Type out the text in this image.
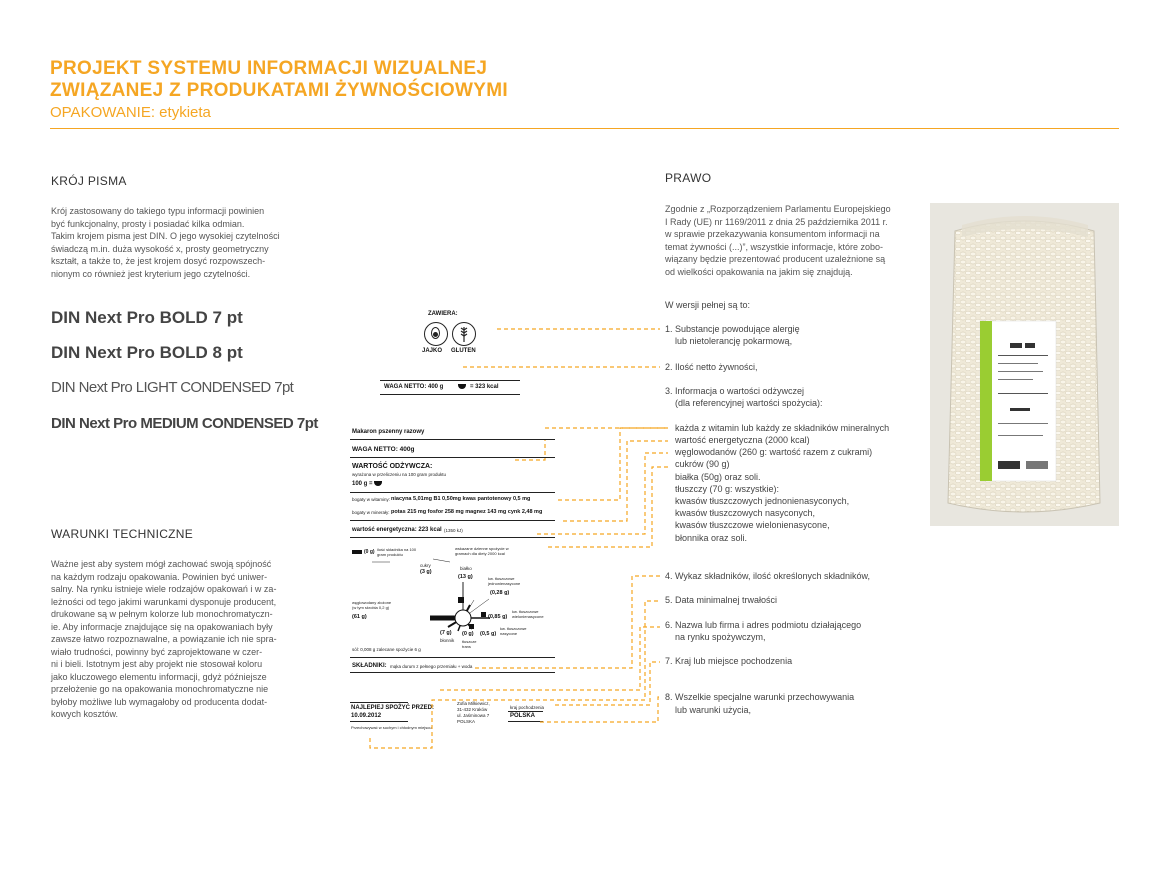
PROJEKT SYSTEMU INFORMACJI WIZUALNEJ
ZWIĄZANEJ Z PRODUKATAMI ŻYWNOŚCIOWYMI
OPAKOWANIE: etykieta
KRÓJ PISMA
Krój zastosowany do takiego typu informacji powinien
być funkcjonalny, prosty i posiadać kilka odmian.
Takim krojem pisma jest DIN. O jego wysokiej czytelności
świadczą m.in. duża wysokość x, prosty geometryczny
kształt, a także to, że jest krojem dosyć rozpowszech-
nionym co również jest kryterium jego czytelności.
DIN Next Pro BOLD 7 pt
DIN Next Pro BOLD 8 pt
DIN Next Pro LIGHT CONDENSED 7pt
DIN Next Pro MEDIUM CONDENSED 7pt
WARUNKI TECHNICZNE
Ważne jest aby system mógł zachować swoją spójność
na każdym rodzaju opakowania. Powinien być uniwer-
salny. Na rynku istnieje wiele rodzajów opakowań i w za-
leżności od tego jakimi warunkami dysponuje producent,
drukowane są w pełnym kolorze lub monochromatyczn-
ie. Aby informacje znajdujące się na opakowaniach były
zawsze łatwo rozpoznawalne, a powiązanie ich nie spra-
wiało trudności, powinny być zaprojektowane w czer-
ni i bieli. Istotnym jest aby projekt nie stosował koloru
jako kluczowego elementu informacji, gdyż późniejsze
przełożenie go na opakowania monochromatyczne nie
byłoby możliwe lub wymagałoby od producenta dodat-
kowych kosztów.
ZAWIERA:
JAJKO GLUTEN
WAGA NETTO: 400 g	= 323 kcal
Makaron pszenny razowy
WAGA NETTO: 400g
WARTOŚĆ ODŻYWCZA:
wyrażona w przeliczeniu na 100 gram produktu
100 g =
bogaty w witaminy: niacyna 5,01mg B1 0,50mg kwas pantotenowy 0,5 mg
bogaty w minerały: potas 215 mg fosfor 258 mg magnez 143 mg cynk 2,48 mg
wartość energetyczna: 223 kcal (1350 kJ)
(0 g) ilość składnika na 100 gram produktu
wskazane dzienne spożycie w gramach dla diety 2000 kcal
cukry
(3 g)
białko
(13 g)	kw. tłuszczowe jednonienasycone
(0,28 g)
węglowodany złożone (w tym skrobia 0,2 g)
(61 g)
kw. tłuszczowe wielonienasycone
(0,85 g)
(7 g)
błonnik
(0 g)
tłuszcze trans
(0,5 g)
kw. tłuszczowe nasycone
sól: 0,008 g zalecane spożycie 6 g
SKŁADNIKI: mąka durum z pełnego przemiału + woda
NAJLEPIEJ SPOŻYĆ PRZED:
10.09.2012
Przechowywać w suchym i chłodnym miejscu
Zofia Milkiewicz,
31-432 Kraków
ul. Jaśminowa 7
POLSKA
kraj pochodzenia
POLSKA
PRAWO
Zgodnie z „Rozporządzeniem Parlamentu Europejskiego
I Rady (UE) nr 1169/2011 z dnia 25 października 2011 r.
w sprawie przekazywania konsumentom informacji na
temat żywności (...)”, wszystkie informacje, które zobo-
wiązany będzie prezentować producent uzależnione są
od wielkości opakowania na jakim się znajdują.
W wersji pełnej są to:
1. Substancje powodujące alergię
lub nietolerancję pokarmową,
2. Ilość netto żywności,
3. Informacja o wartości odżywczej
(dla referencyjnej wartości spożycia):
każda z witamin lub każdy ze składników mineralnych
wartość energetyczna (2000 kcal)
węglowodanów (260 g: wartość razem z cukrami)
cukrów (90 g)
białka (50g) oraz soli.
tłuszczy (70 g: wszystkie):
kwasów tłuszczowych jednonienasyconych,
kwasów tłuszczowych nasyconych,
kwasów tłuszczowe wielonienasycone,
błonnika oraz soli.
4. Wykaz składników, ilość określonych składników,
5. Data minimalnej trwałości
6. Nazwa lub firma i adres podmiotu działającego
na rynku spożywczym,
7. Kraj lub miejsce pochodzenia
8. Wszelkie specjalne warunki przechowywania
lub warunki użycia,
